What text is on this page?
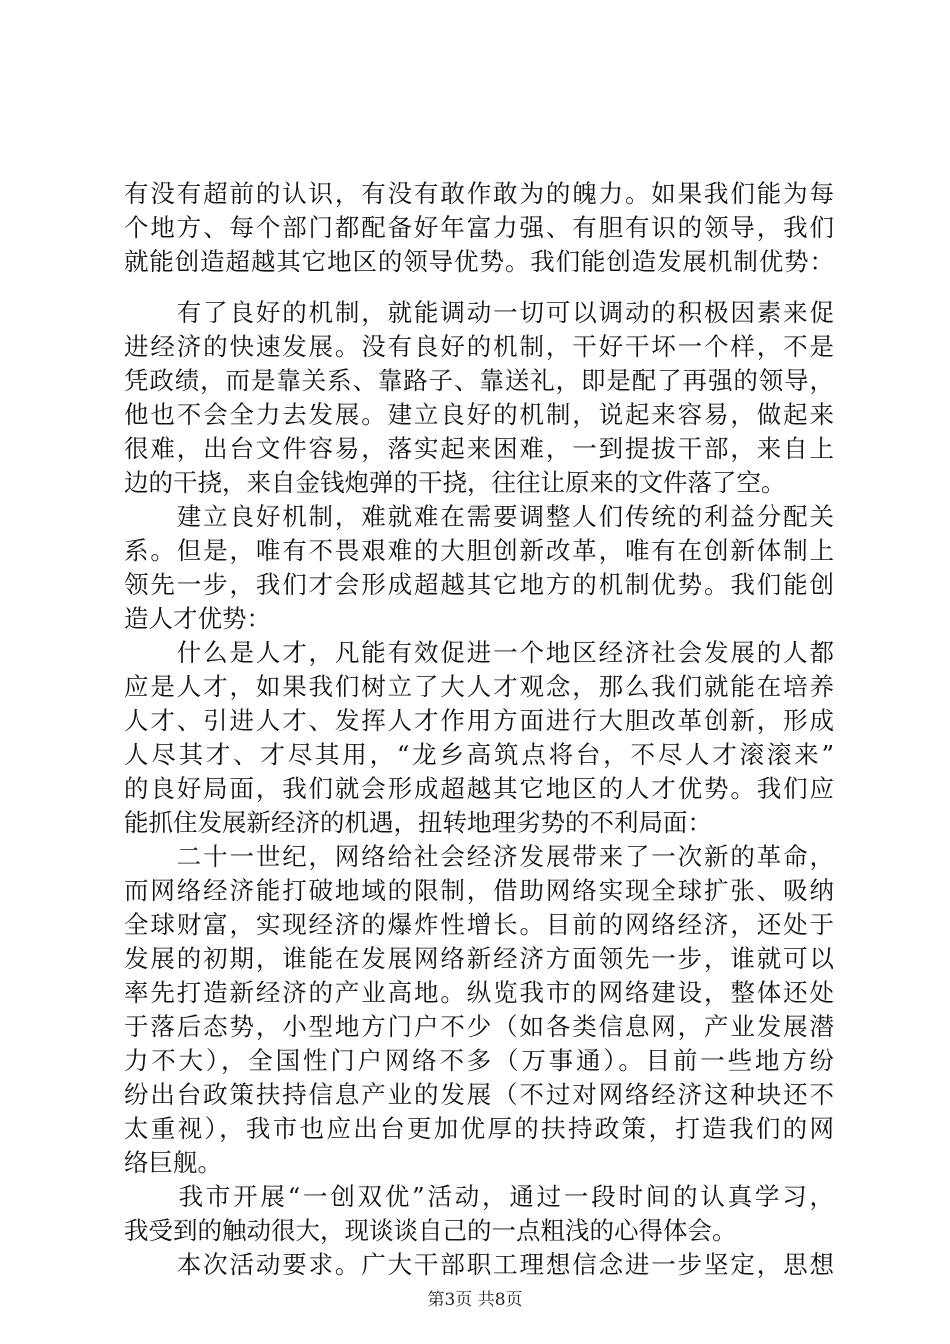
有没有超前的认识，有没有敢作敢为的魄力。如果我们能为每
个地方、每个部门都配备好年富力强、有胆有识的领导，我们
就能创造超越其它地区的领导优势。我们能创造发展机制优势：
　　有了良好的机制，就能调动一切可以调动的积极因素来促
进经济的快速发展。没有良好的机制，干好干坏一个样，不是
凭政绩，而是靠关系、靠路子、靠送礼，即是配了再强的领导，
他也不会全力去发展。建立良好的机制，说起来容易，做起来
很难，出台文件容易，落实起来困难，一到提拔干部，来自上
边的干挠，来自金钱炮弹的干挠，往往让原来的文件落了空。
　　建立良好机制，难就难在需要调整人们传统的利益分配关
系。但是，唯有不畏艰难的大胆创新改革，唯有在创新体制上
领先一步，我们才会形成超越其它地方的机制优势。我们能创
造人才优势：
　　什么是人才，凡能有效促进一个地区经济社会发展的人都
应是人才，如果我们树立了大人才观念，那么我们就能在培养
人才、引进人才、发挥人才作用方面进行大胆改革创新，形成
人尽其才、才尽其用，“龙乡高筑点将台，不尽人才滚滚来”
的良好局面，我们就会形成超越其它地区的人才优势。我们应
能抓住发展新经济的机遇，扭转地理劣势的不利局面：
　　二十一世纪，网络给社会经济发展带来了一次新的革命，
而网络经济能打破地域的限制，借助网络实现全球扩张、吸纳
全球财富，实现经济的爆炸性增长。目前的网络经济，还处于
发展的初期，谁能在发展网络新经济方面领先一步，谁就可以
率先打造新经济的产业高地。纵览我市的网络建设，整体还处
于落后态势，小型地方门户不少（如各类信息网，产业发展潜
力不大），全国性门户网络不多（万事通）。目前一些地方纷
纷出台政策扶持信息产业的发展（不过对网络经济这种块还不
太重视），我市也应出台更加优厚的扶持政策，打造我们的网
络巨舰。
　　我市开展“一创双优”活动，通过一段时间的认真学习，
我受到的触动很大，现谈谈自己的一点粗浅的心得体会。
　　本次活动要求。广大干部职工理想信念进一步坚定，思想
第3页 共8页
